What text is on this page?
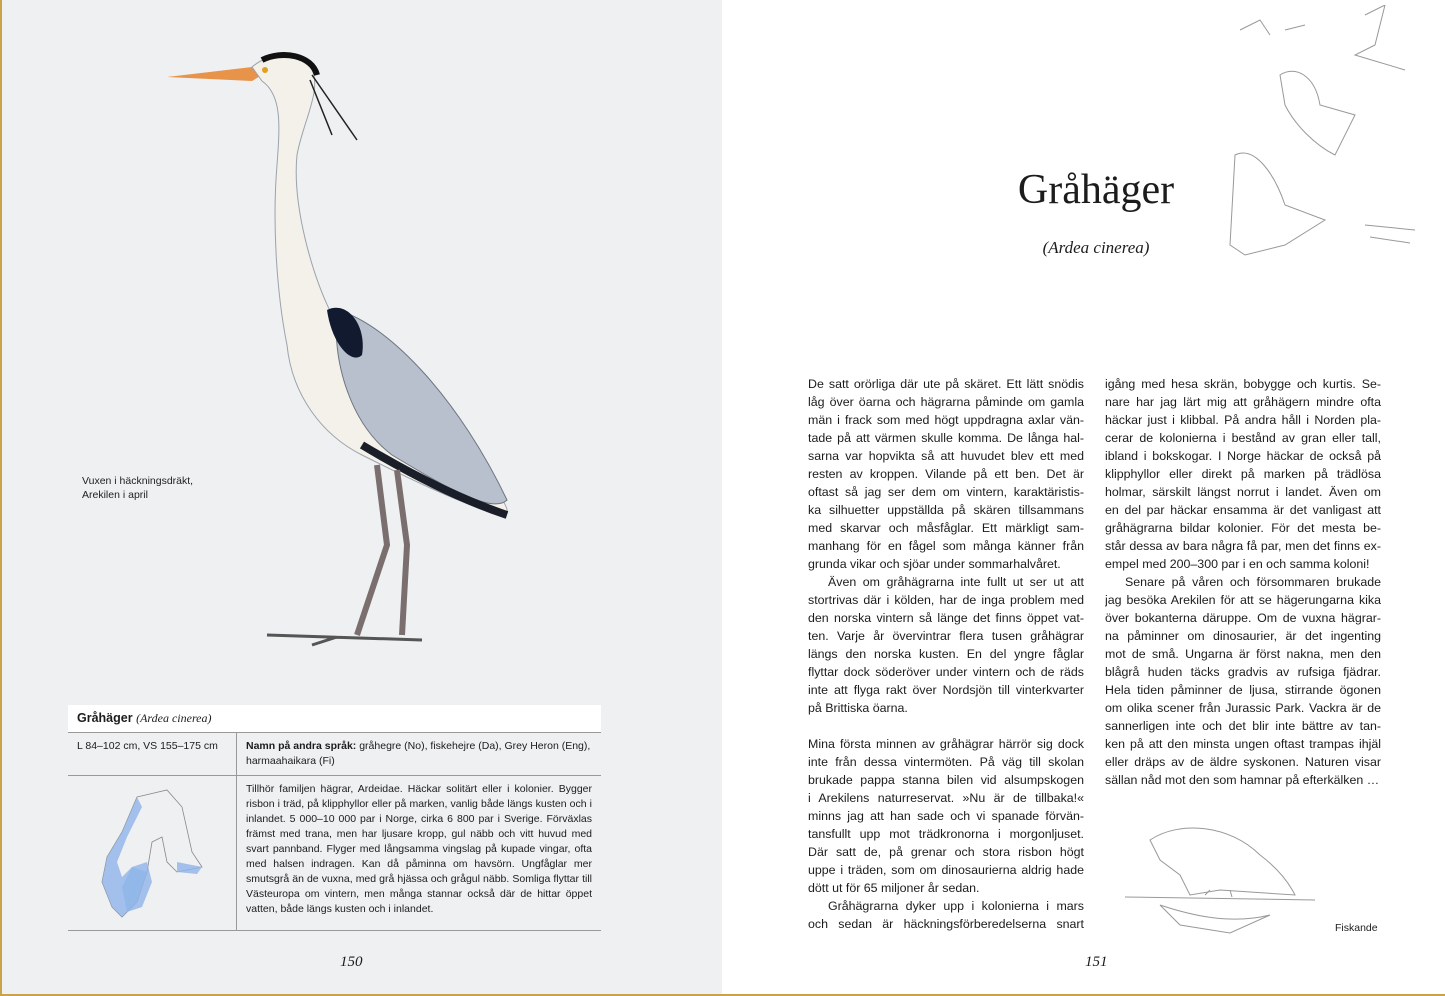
Vuxen i häckningsdräkt,
Arekilen i april
Gråhäger (Ardea cinerea)
L 84–102 cm, VS 155–175 cm	Namn på andra språk: gråhegre (No), fiskehejre (Da), Grey Heron (Eng), harmaahaikara (Fi)
Tillhör familjen hägrar, Ardeidae. Häckar solitärt eller i kolonier. Bygger risbon i träd, på klipphyllor eller på marken, vanlig både längs kusten och i inlandet. 5 000–10 000 par i Norge, cirka 6 800 par i Sverige. Förväxlas främst med trana, men har ljusare kropp, gul näbb och vitt huvud med svart pannband. Flyger med långsamma vingslag på kupade vingar, ofta med halsen indragen. Kan då påminna om havsörn. Ungfåglar mer smutsgrå än de vuxna, med grå hjässa och grågul näbb. Somliga flyttar till Västeuropa om vintern, men många stannar också där de hittar öppet vatten, både längs kusten och i inlandet.
150
Gråhäger
(Ardea cinerea)
De satt orörliga där ute på skäret. Ett lätt snödis
låg över öarna och hägrarna påminde om gamla
män i frack som med högt uppdragna axlar vän-
tade på att värmen skulle komma. De långa hal-
sarna var hopvikta så att huvudet blev ett med
resten av kroppen. Vilande på ett ben. Det är
oftast så jag ser dem om vintern, karaktäristis-
ka silhuetter uppställda på skären tillsammans
med skarvar och måsfåglar. Ett märkligt sam-
manhang för en fågel som många känner från
grunda vikar och sjöar under sommarhalvåret.
Även om gråhägrarna inte fullt ut ser ut att
stortrivas där i kölden, har de inga problem med
den norska vintern så länge det finns öppet vat-
ten. Varje år övervintrar flera tusen gråhägrar
längs den norska kusten. En del yngre fåglar
flyttar dock söderöver under vintern och de räds
inte att flyga rakt över Nordsjön till vinterkvarter
på Brittiska öarna.
Mina första minnen av gråhägrar härrör sig dock
inte från dessa vintermöten. På väg till skolan
brukade pappa stanna bilen vid alsumpskogen
i Arekilens naturreservat. »Nu är de tillbaka!«
minns jag att han sade och vi spanade förvän-
tansfullt upp mot trädkronorna i morgonljuset.
Där satt de, på grenar och stora risbon högt
uppe i träden, som om dinosaurierna aldrig hade
dött ut för 65 miljoner år sedan.
Gråhägrarna dyker upp i kolonierna i mars
och sedan är häckningsförberedelserna snart
igång med hesa skrän, bobygge och kurtis. Se-
nare har jag lärt mig att gråhägern mindre ofta
häckar just i klibbal. På andra håll i Norden pla-
cerar de kolonierna i bestånd av gran eller tall,
ibland i bokskogar. I Norge häckar de också på
klipphyllor eller direkt på marken på trädlösa
holmar, särskilt längst norrut i landet. Även om
en del par häckar ensamma är det vanligast att
gråhägrarna bildar kolonier. För det mesta be-
står dessa av bara några få par, men det finns ex-
empel med 200–300 par i en och samma koloni!
Senare på våren och försommaren brukade
jag besöka Arekilen för att se hägerungarna kika
över bokanterna däruppe. Om de vuxna hägrar-
na påminner om dinosaurier, är det ingenting
mot de små. Ungarna är först nakna, men den
blågrå huden täcks gradvis av rufsiga fjädrar.
Hela tiden påminner de ljusa, stirrande ögonen
om olika scener från Jurassic Park. Vackra är de
sannerligen inte och det blir inte bättre av tan-
ken på att den minsta ungen oftast trampas ihjäl
eller dräps av de äldre syskonen. Naturen visar
sällan nåd mot den som hamnar på efterkälken …
Fiskande
151
